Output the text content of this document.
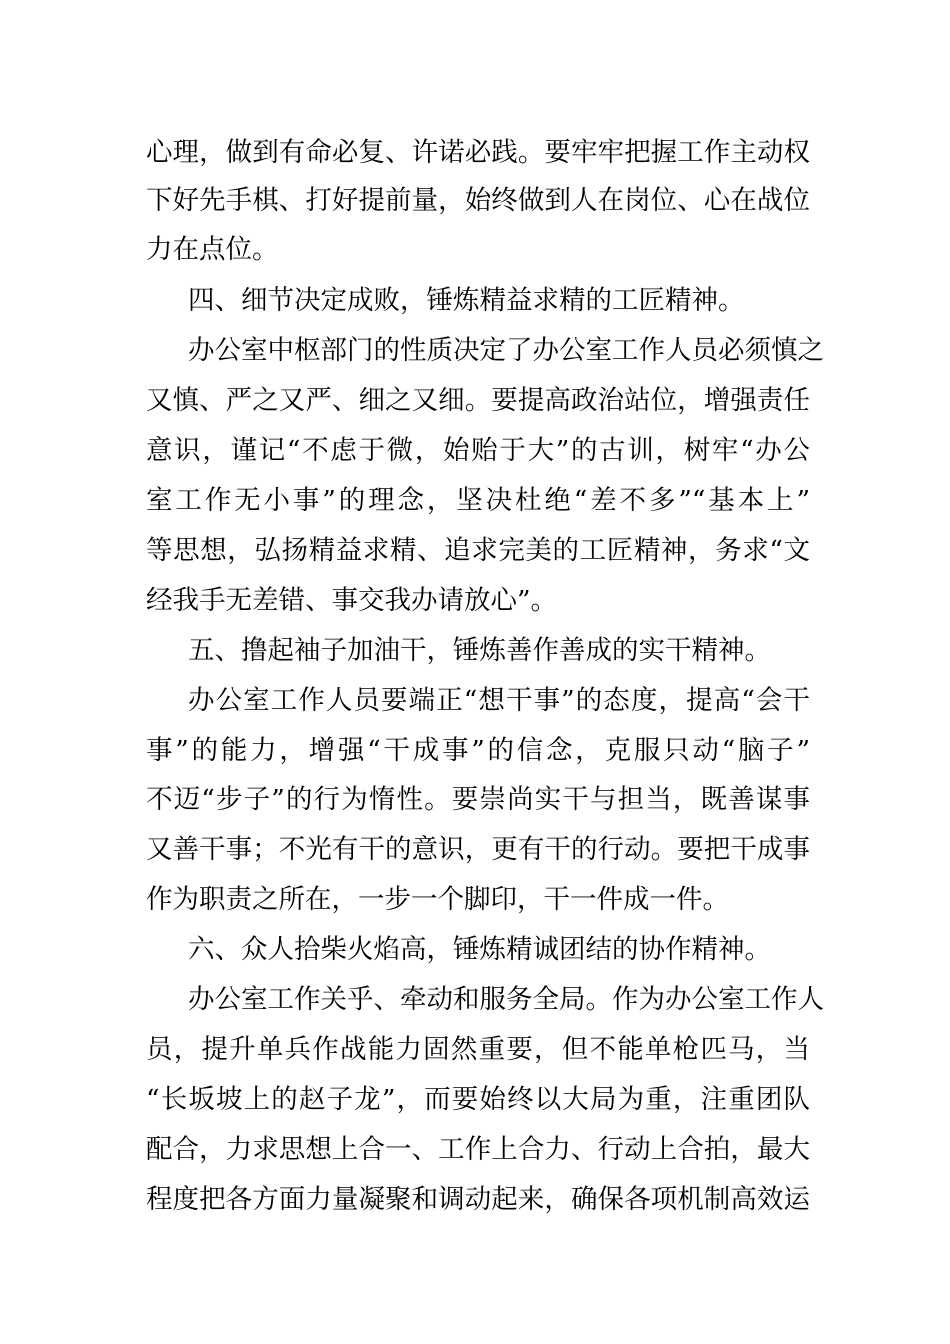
心理，做到有命必复、许诺必践。要牢牢把握工作主动权
下好先手棋、打好提前量，始终做到人在岗位、心在战位
力在点位。
四、细节决定成败，锤炼精益求精的工匠精神。
办公室中枢部门的性质决定了办公室工作人员必须慎之
又慎、严之又严、细之又细。要提高政治站位，增强责任
意识，谨记“不虑于微，始贻于大”的古训，树牢“办公
室工作无小事”的理念，坚决杜绝“差不多”“基本上”
等思想，弘扬精益求精、追求完美的工匠精神，务求“文
经我手无差错、事交我办请放心”。
五、撸起袖子加油干，锤炼善作善成的实干精神。
办公室工作人员要端正“想干事”的态度，提高“会干
事”的能力，增强“干成事”的信念，克服只动“脑子”
不迈“步子”的行为惰性。要崇尚实干与担当，既善谋事
又善干事；不光有干的意识，更有干的行动。要把干成事
作为职责之所在，一步一个脚印，干一件成一件。
六、众人拾柴火焰高，锤炼精诚团结的协作精神。
办公室工作关乎、牵动和服务全局。作为办公室工作人
员，提升单兵作战能力固然重要，但不能单枪匹马，当
“长坂坡上的赵子龙”，而要始终以大局为重，注重团队
配合，力求思想上合一、工作上合力、行动上合拍，最大
程度把各方面力量凝聚和调动起来，确保各项机制高效运
